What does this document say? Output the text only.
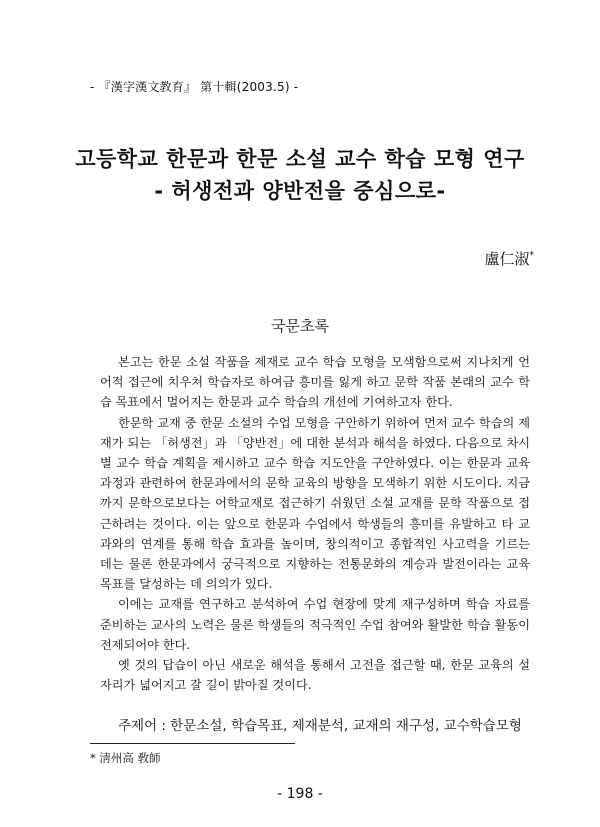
- 『漢字漢文教育』 第十輯(2003.5) -
고등학교 한문과 한문 소설 교수 학습 모형 연구
- 허생전과 양반전을 중심으로-
盧仁淑*
국문초록

본고는 한문 소설 작품을 제재로 교수 학습 모형을 모색함으로써 지나치게 언어적 접근에 치우쳐 학습자로 하여금 흥미를 잃게 하고 문학 작품 본래의 교수 학습 목표에서 멀어지는 한문과 교수 학습의 개선에 기여하고자 한다.

한문학 교재 중 한문 소설의 수업 모형을 구안하기 위하여 먼저 교수 학습의 제재가 되는 「허생전」과 「양반전」에 대한 분석과 해석을 하였다. 다음으로 차시별 교수 학습 계획을 제시하고 교수 학습 지도안을 구안하였다. 이는 한문과 교육과정과 관련하여 한문과에서의 문학 교육의 방향을 모색하기 위한 시도이다. 지금까지 문학으로보다는 어학교재로 접근하기 쉬웠던 소설 교재를 문학 작품으로 접근하려는 것이다. 이는 앞으로 한문과 수업에서 학생들의 흥미를 유발하고 타 교과와의 연계를 통해 학습 효과를 높이며, 창의적이고 종합적인 사고력을 기르는 데는 물론 한문과에서 궁극적으로 지향하는 전통문화의 계승과 발전이라는 교육 목표를 달성하는 데 의의가 있다.

이에는 교재를 연구하고 분석하여 수업 현장에 맞게 재구성하며 학습 자료를 준비하는 교사의 노력은 물론 학생들의 적극적인 수업 참여와 활발한 학습 활동이 전제되어야 한다.

옛 것의 답습이 아닌 새로운 해석을 통해서 고전을 접근할 때, 한문 교육의 설자리가 넓어지고 갈 길이 밝아질 것이다.

주제어 : 한문소설, 학습목표, 제재분석, 교재의 재구성, 교수학습모형
* 淸州高 敎師
- 198 -
